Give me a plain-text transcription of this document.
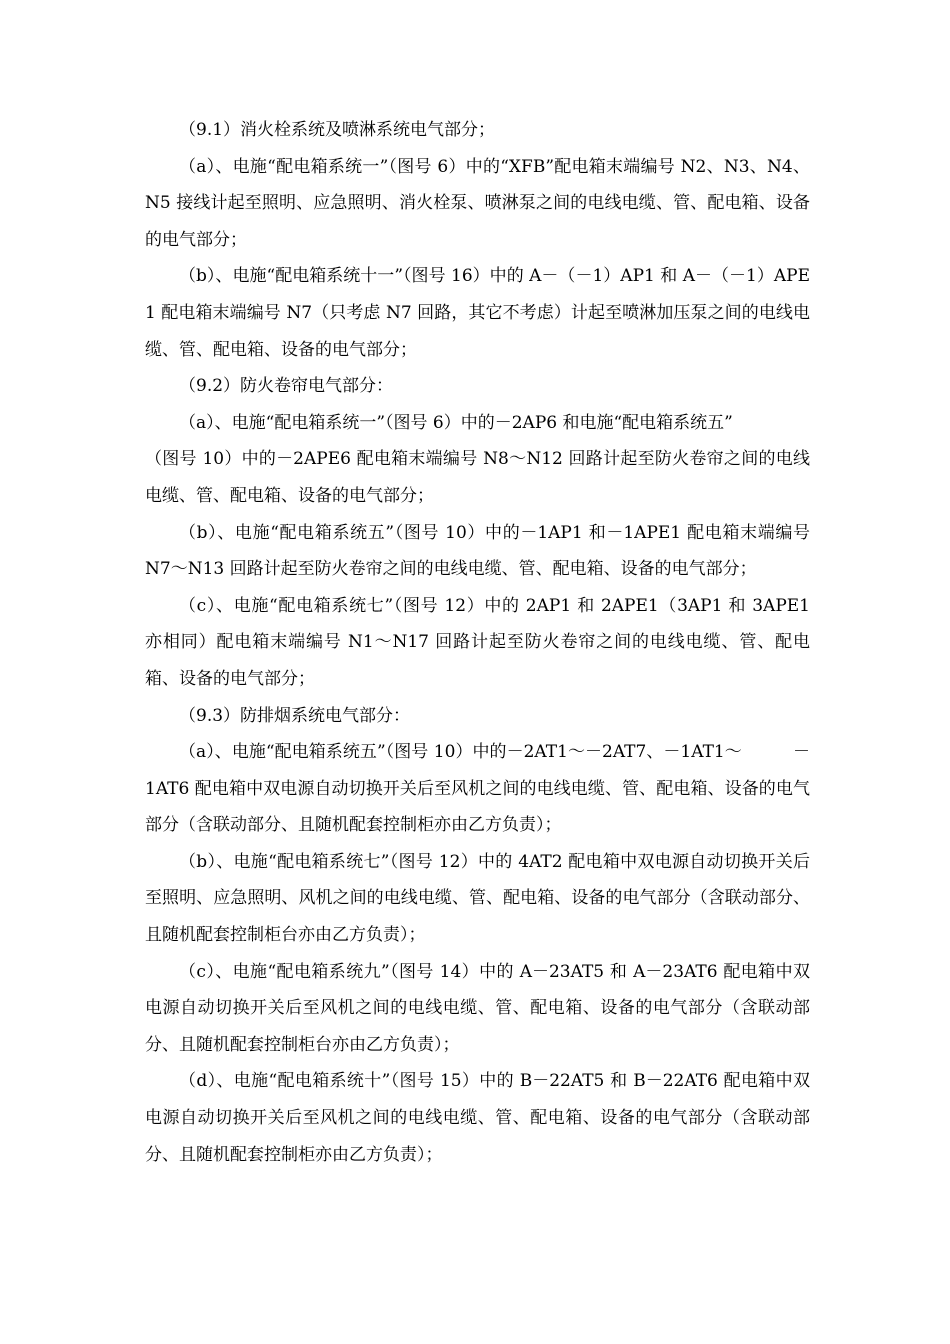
（9.1）消火栓系统及喷淋系统电气部分；

（a）、电施“配电箱系统一”（图号 6）中的“XFB”配电箱末端编号 N2、N3、N4、N5 接线计起至照明、应急照明、消火栓泵、喷淋泵之间的电线电缆、管、配电箱、设备的电气部分；

（b）、电施“配电箱系统十一”（图号 16）中的 A－（－1）AP1 和 A－（－1）APE1 配电箱末端编号 N7（只考虑 N7 回路，其它不考虑）计起至喷淋加压泵之间的电线电缆、管、配电箱、设备的电气部分；

（9.2）防火卷帘电气部分：

（a）、电施“配电箱系统一”（图号 6）中的－2AP6 和电施“配电箱系统五”

（图号 10）中的－2APE6 配电箱末端编号 N8～N12 回路计起至防火卷帘之间的电线电缆、管、配电箱、设备的电气部分；

（b）、电施“配电箱系统五”（图号 10）中的－1AP1 和－1APE1 配电箱末端编号 N7～N13 回路计起至防火卷帘之间的电线电缆、管、配电箱、设备的电气部分；

（c）、电施“配电箱系统七”（图号 12）中的 2AP1 和 2APE1（3AP1 和 3APE1 亦相同）配电箱末端编号 N1～N17 回路计起至防火卷帘之间的电线电缆、管、配电箱、设备的电气部分；

（9.3）防排烟系统电气部分：

（a）、电施“配电箱系统五”（图号 10）中的－2AT1～－2AT7、－1AT1～　　　－1AT6 配电箱中双电源自动切换开关后至风机之间的电线电缆、管、配电箱、设备的电气部分（含联动部分、且随机配套控制柜亦由乙方负责）；

（b）、电施“配电箱系统七”（图号 12）中的 4AT2 配电箱中双电源自动切换开关后至照明、应急照明、风机之间的电线电缆、管、配电箱、设备的电气部分（含联动部分、且随机配套控制柜台亦由乙方负责）；

（c）、电施“配电箱系统九”（图号 14）中的 A－23AT5 和 A－23AT6 配电箱中双电源自动切换开关后至风机之间的电线电缆、管、配电箱、设备的电气部分（含联动部分、且随机配套控制柜台亦由乙方负责）；

（d）、电施“配电箱系统十”（图号 15）中的 B－22AT5 和 B－22AT6 配电箱中双电源自动切换开关后至风机之间的电线电缆、管、配电箱、设备的电气部分（含联动部分、且随机配套控制柜亦由乙方负责）；
